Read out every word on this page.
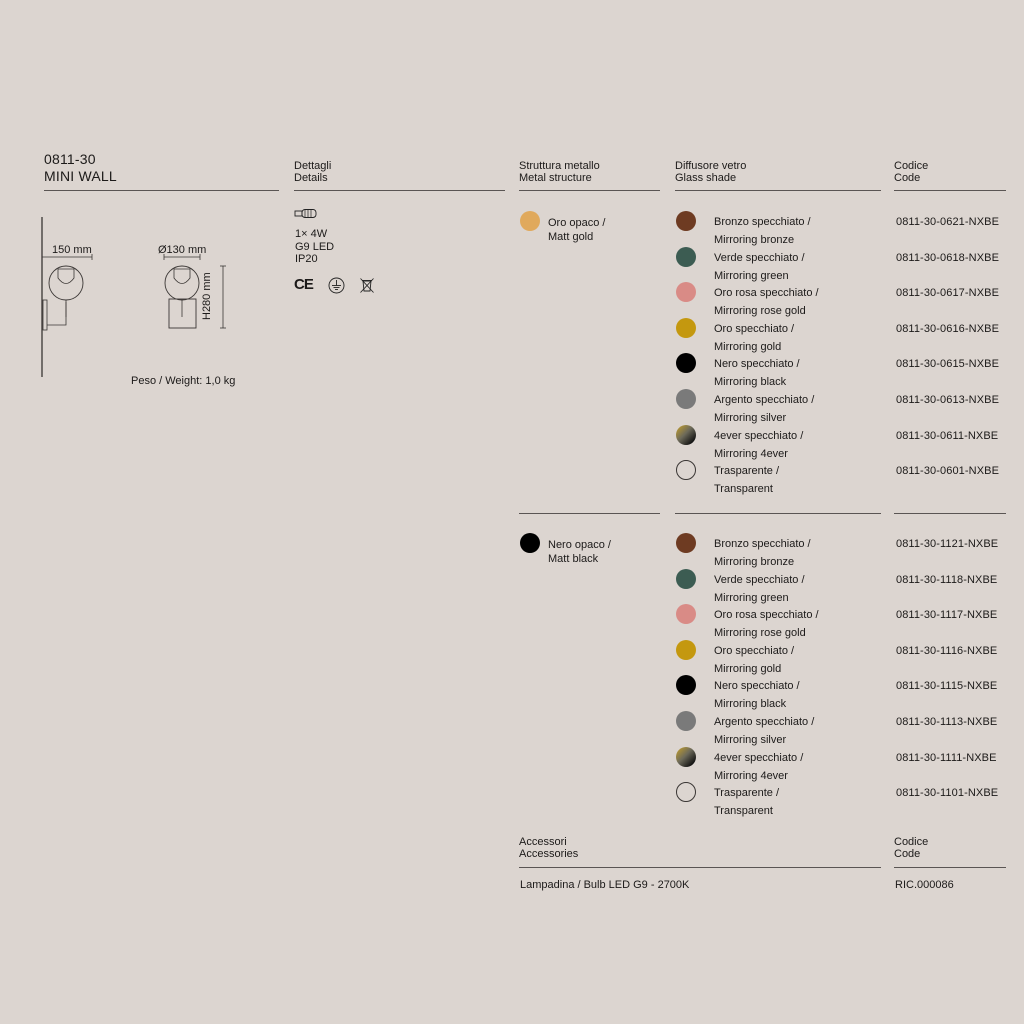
0811-30
MINI WALL
Dettagli
Details
Struttura metallo
Metal structure
Diffusore vetro
Glass shade
Codice
Code
150 mm	Ø130 mm
H280 mm
Peso / Weight: 1,0 kg
1× 4W
G9 LED
IP20
CE
Oro opaco /
Matt gold
Bronzo specchiato /
Mirroring bronze
0811-30-0621-NXBE
Verde specchiato /
Mirroring green
0811-30-0618-NXBE
Oro rosa specchiato /
Mirroring rose gold
0811-30-0617-NXBE
Oro specchiato /
Mirroring gold
0811-30-0616-NXBE
Nero specchiato /
Mirroring black
0811-30-0615-NXBE
Argento specchiato /
Mirroring silver
0811-30-0613-NXBE
4ever specchiato /
Mirroring 4ever
0811-30-0611-NXBE
Trasparente /
Transparent
0811-30-0601-NXBE
Nero opaco /
Matt black
Bronzo specchiato /
Mirroring bronze
0811-30-1121-NXBE
Verde specchiato /
Mirroring green
0811-30-1118-NXBE
Oro rosa specchiato /
Mirroring rose gold
0811-30-1117-NXBE
Oro specchiato /
Mirroring gold
0811-30-1116-NXBE
Nero specchiato /
Mirroring black
0811-30-1115-NXBE
Argento specchiato /
Mirroring silver
0811-30-1113-NXBE
4ever specchiato /
Mirroring 4ever
0811-30-1111-NXBE
Trasparente /
Transparent
0811-30-1101-NXBE
Accessori
Accessories
Codice
Code
Lampadina / Bulb LED G9 - 2700K	RIC.000086
